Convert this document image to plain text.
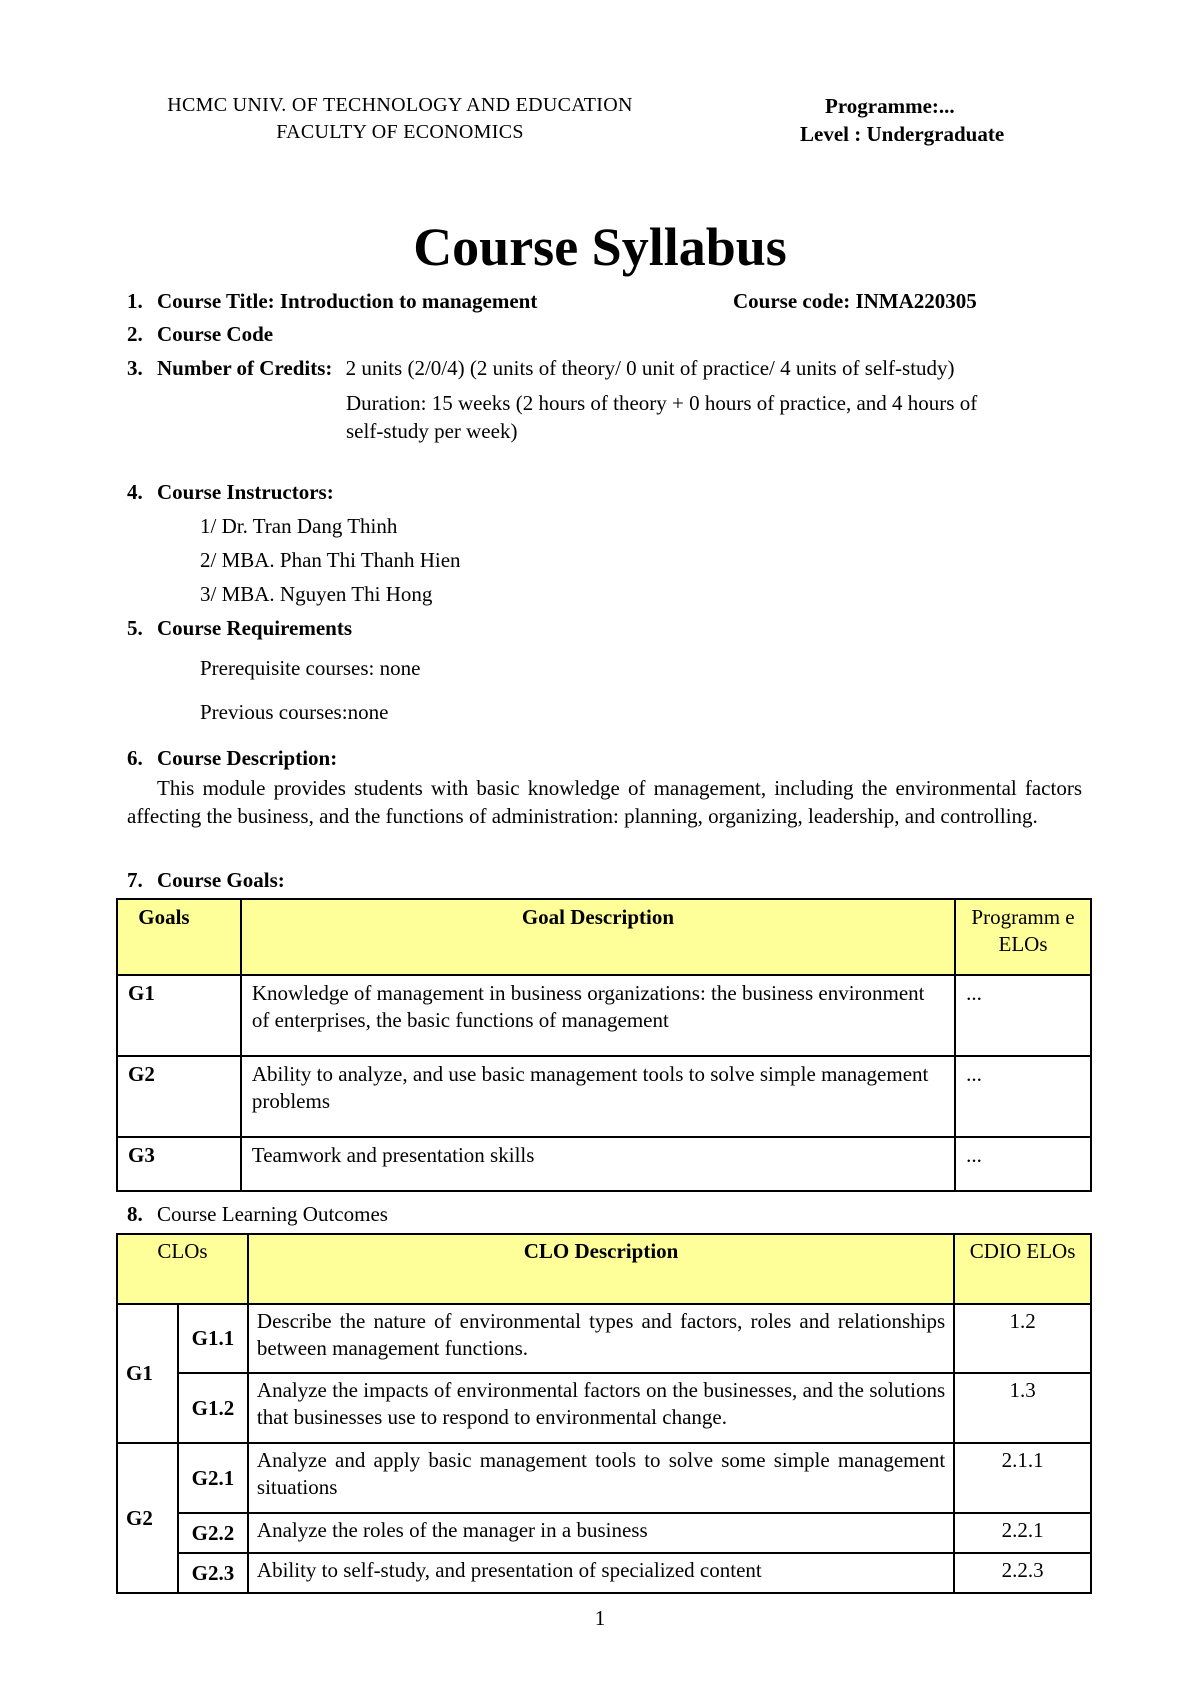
HCMC UNIV. OF TECHNOLOGY AND EDUCATION
FACULTY OF ECONOMICS
Programme:...
Level : Undergraduate
Course Syllabus
1. Course Title: Introduction to management	Course code: INMA220305
2. Course Code
3. Number of Credits: 2 units (2/0/4) (2 units of theory/ 0 unit of practice/ 4 units of self-study)
Duration: 15 weeks (2 hours of theory + 0 hours of practice, and 4 hours of
self-study per week)
4. Course Instructors:
1/ Dr. Tran Dang Thinh
2/ MBA. Phan Thi Thanh Hien
3/ MBA. Nguyen Thi Hong
5. Course Requirements
Prerequisite courses: none
Previous courses:none
6. Course Description:
This module provides students with basic knowledge of management, including the environmental factors affecting the business, and the functions of administration: planning, organizing, leadership, and controlling.
7. Course Goals:
Goals	Goal Description	Programm e ELOs
G1	Knowledge of management in business organizations: the business environment of enterprises, the basic functions of management	...
G2	Ability to analyze, and use basic management tools to solve simple management problems	...
G3	Teamwork and presentation skills	...
8. Course Learning Outcomes
CLOs		CLO Description	CDIO ELOs
G1	G1.1	Describe the nature of environmental types and factors, roles and relationships between management functions.	1.2
	G1.2	Analyze the impacts of environmental factors on the businesses, and the solutions that businesses use to respond to environmental change.	1.3
G2	G2.1	Analyze and apply basic management tools to solve some simple management situations	2.1.1
	G2.2	Analyze the roles of the manager in a business	2.2.1
	G2.3	Ability to self-study, and presentation of specialized content	2.2.3
1
